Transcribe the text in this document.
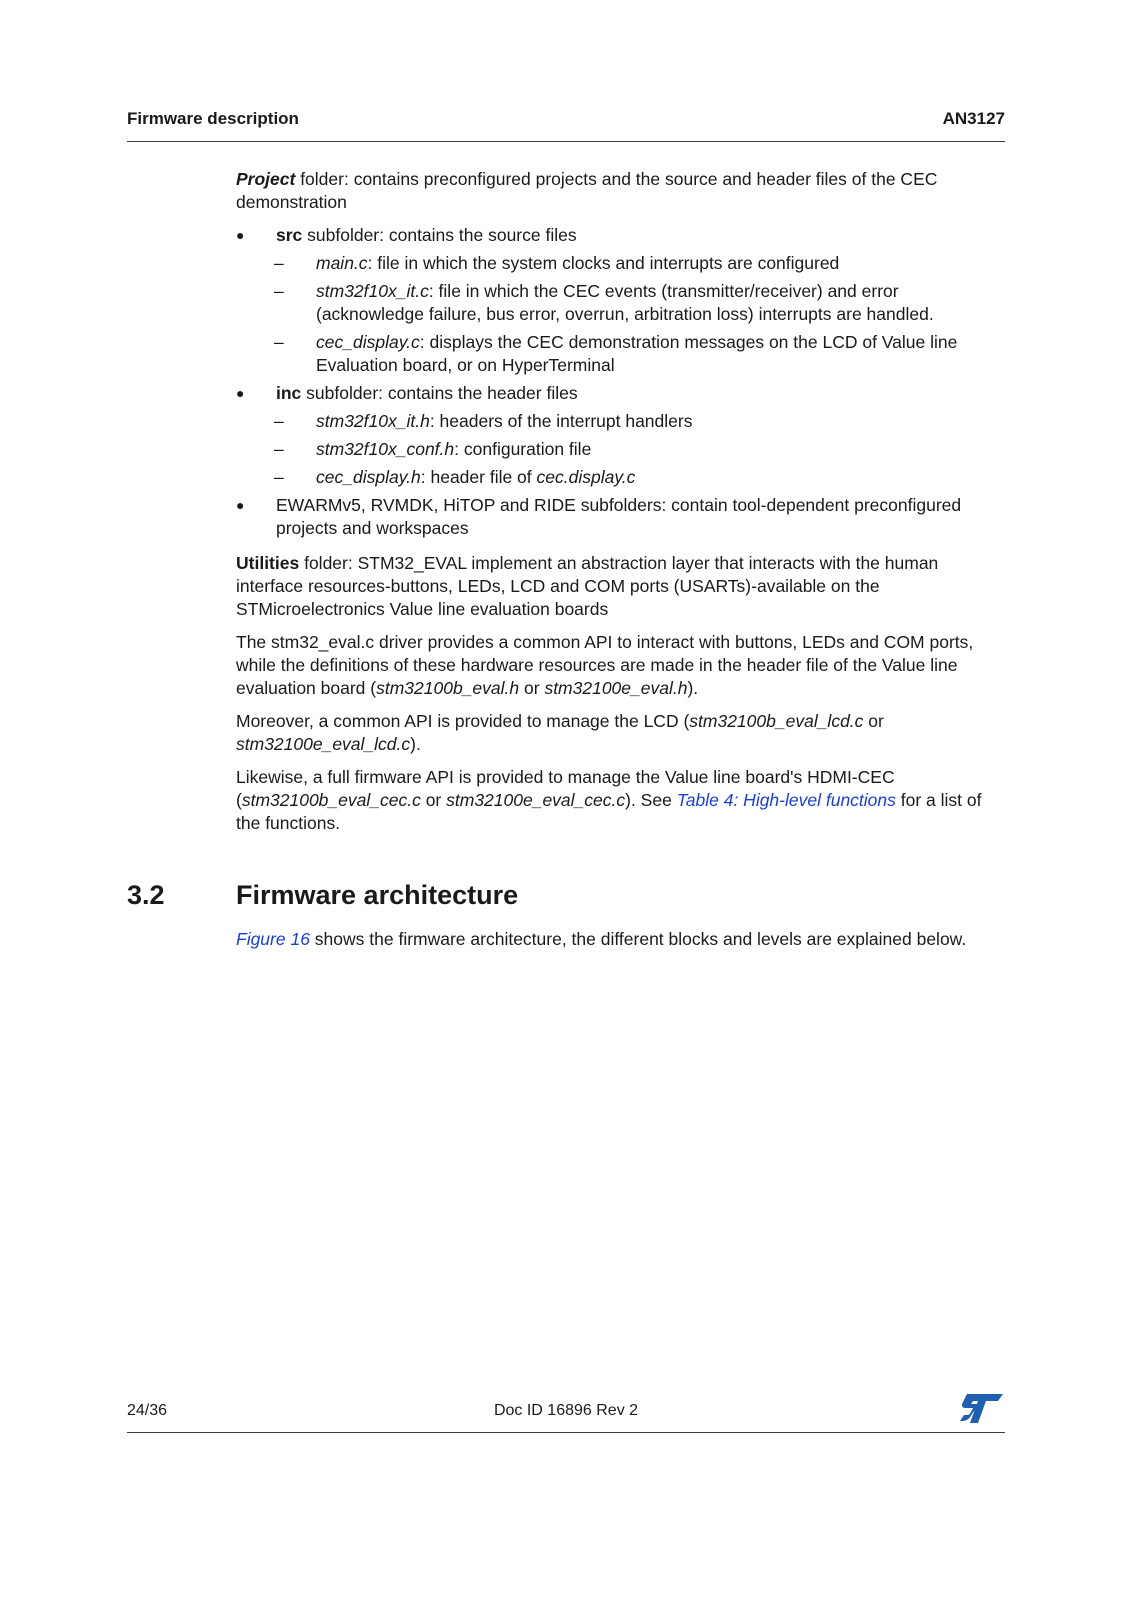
Firmware description	AN3127

Project folder: contains preconfigured projects and the source and header files of the CEC demonstration

● src subfolder: contains the source files
– main.c: file in which the system clocks and interrupts are configured
– stm32f10x_it.c: file in which the CEC events (transmitter/receiver) and error (acknowledge failure, bus error, overrun, arbitration loss) interrupts are handled.
– cec_display.c: displays the CEC demonstration messages on the LCD of Value line Evaluation board, or on HyperTerminal
● inc subfolder: contains the header files
– stm32f10x_it.h: headers of the interrupt handlers
– stm32f10x_conf.h: configuration file
– cec_display.h: header file of cec.display.c
● EWARMv5, RVMDK, HiTOP and RIDE subfolders: contain tool-dependent preconfigured projects and workspaces

Utilities folder: STM32_EVAL implement an abstraction layer that interacts with the human interface resources-buttons, LEDs, LCD and COM ports (USARTs)-available on the STMicroelectronics Value line evaluation boards

The stm32_eval.c driver provides a common API to interact with buttons, LEDs and COM ports, while the definitions of these hardware resources are made in the header file of the Value line evaluation board (stm32100b_eval.h or stm32100e_eval.h).

Moreover, a common API is provided to manage the LCD (stm32100b_eval_lcd.c or stm32100e_eval_lcd.c).

Likewise, a full firmware API is provided to manage the Value line board's HDMI-CEC (stm32100b_eval_cec.c or stm32100e_eval_cec.c). See Table 4: High-level functions for a list of the functions.

3.2	Firmware architecture

Figure 16 shows the firmware architecture, the different blocks and levels are explained below.

24/36	Doc ID 16896 Rev 2
